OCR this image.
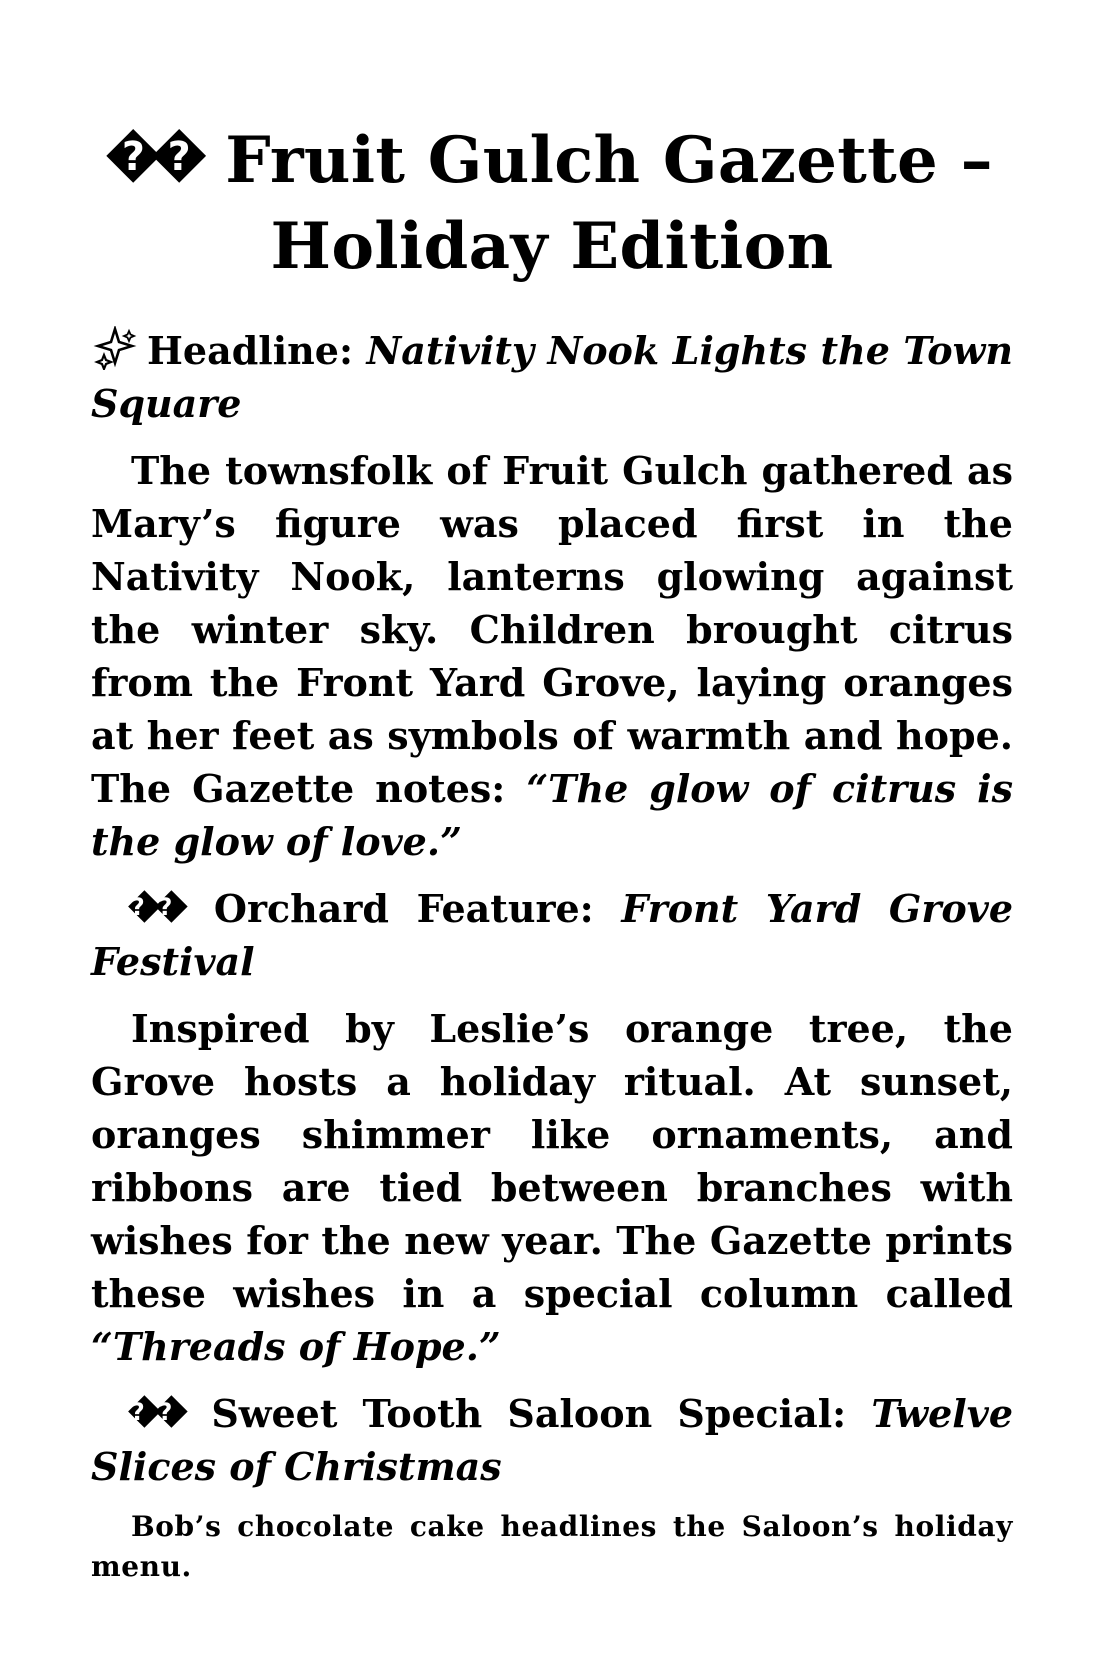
?? Fruit Gulch Gazette –
Holiday Edition

Headline: Nativity Nook Lights the Town Square

The townsfolk of Fruit Gulch gathered as Mary’s figure was placed first in the Nativity Nook, lanterns glowing against the winter sky. Children brought citrus from the Front Yard Grove, laying oranges at her feet as symbols of warmth and hope. The Gazette notes: “The glow of citrus is the glow of love.”

?? Orchard Feature: Front Yard Grove Festival

Inspired by Leslie’s orange tree, the Grove hosts a holiday ritual. At sunset, oranges shimmer like ornaments, and ribbons are tied between branches with wishes for the new year. The Gazette prints these wishes in a special column called “Threads of Hope.”

?? Sweet Tooth Saloon Special: Twelve Slices of Christmas

Bob’s chocolate cake headlines the Saloon’s holiday menu.
